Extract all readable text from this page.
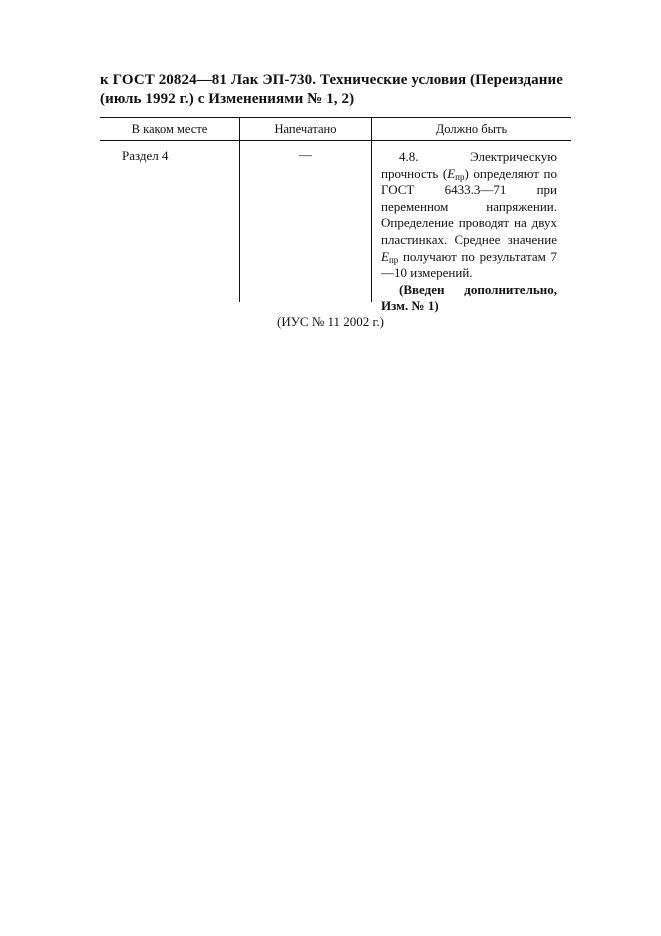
к ГОСТ 20824—81 Лак ЭП-730. Технические условия (Переиздание (июль 1992 г.) с Изменениями № 1, 2)
В каком месте	Напечатано	Должно быть
Раздел 4	—	4.8. Электрическую прочность $(E_{пр})$ определяют по ГОСТ 6433.3—71 при переменном напряжении. Определение проводят на двух пластинках. Среднее значение $E_{пр}$ получают по результатам 7—10 измерений.

(Введен дополнительно, Изм. № 1)

(ИУС № 11 2002 г.)
